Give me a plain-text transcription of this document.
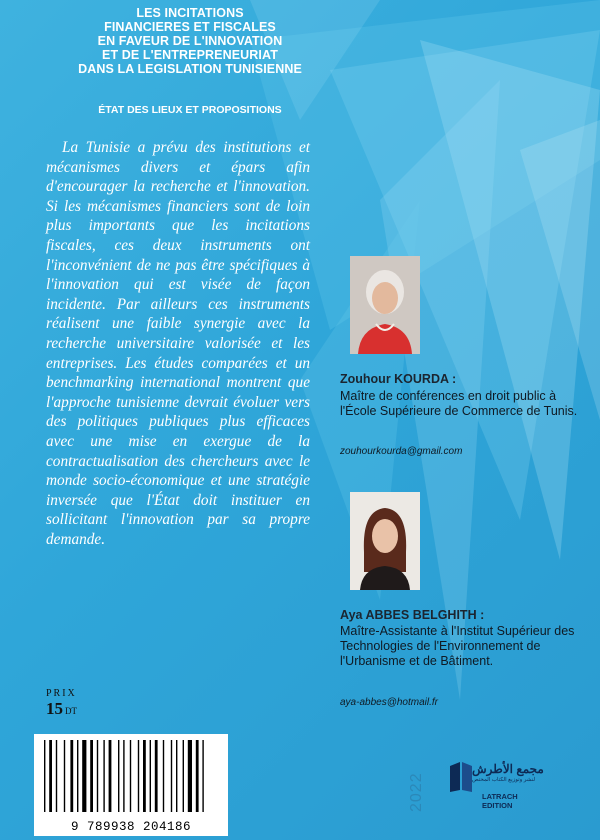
LES INCITATIONS
FINANCIERES ET FISCALES
EN FAVEUR DE L'INNOVATION
ET DE L'ENTREPRENEURIAT
DANS LA LEGISLATION TUNISIENNE
ÉTAT DES LIEUX ET PROPOSITIONS
La Tunisie a prévu des institutions et mécanismes divers et épars afin d'encourager la recherche et l'innovation. Si les mécanismes financiers sont de loin plus importants que les incitations fiscales, ces deux instruments ont l'inconvénient de ne pas être spécifiques à l'innovation qui est visée de façon incidente. Par ailleurs ces instruments réalisent une faible synergie avec la recherche universitaire valorisée et les entreprises. Les études comparées et un benchmarking international montrent que l'approche tunisienne devrait évoluer vers des politiques publiques plus efficaces avec une mise en exergue de la contractualisation des chercheurs avec le monde socio-économique et une stratégie inversée que l'État doit instituer en sollicitant l'innovation par sa propre demande.
Zouhour KOURDA :
Maître de conférences en droit public à l'École Supérieure de Commerce de Tunis.
zouhourkourda@gmail.com
Aya ABBES BELGHITH :
Maître-Assistante à l'Institut Supérieur des Technologies de l'Environnement de l'Urbanisme et de Bâtiment.
aya-abbes@hotmail.fr
PRIX
15 DT
9 789938 204186
2022
مجمع الأطرش
لنشر وتوزيع الكتاب المختص
LATRACH EDITION
